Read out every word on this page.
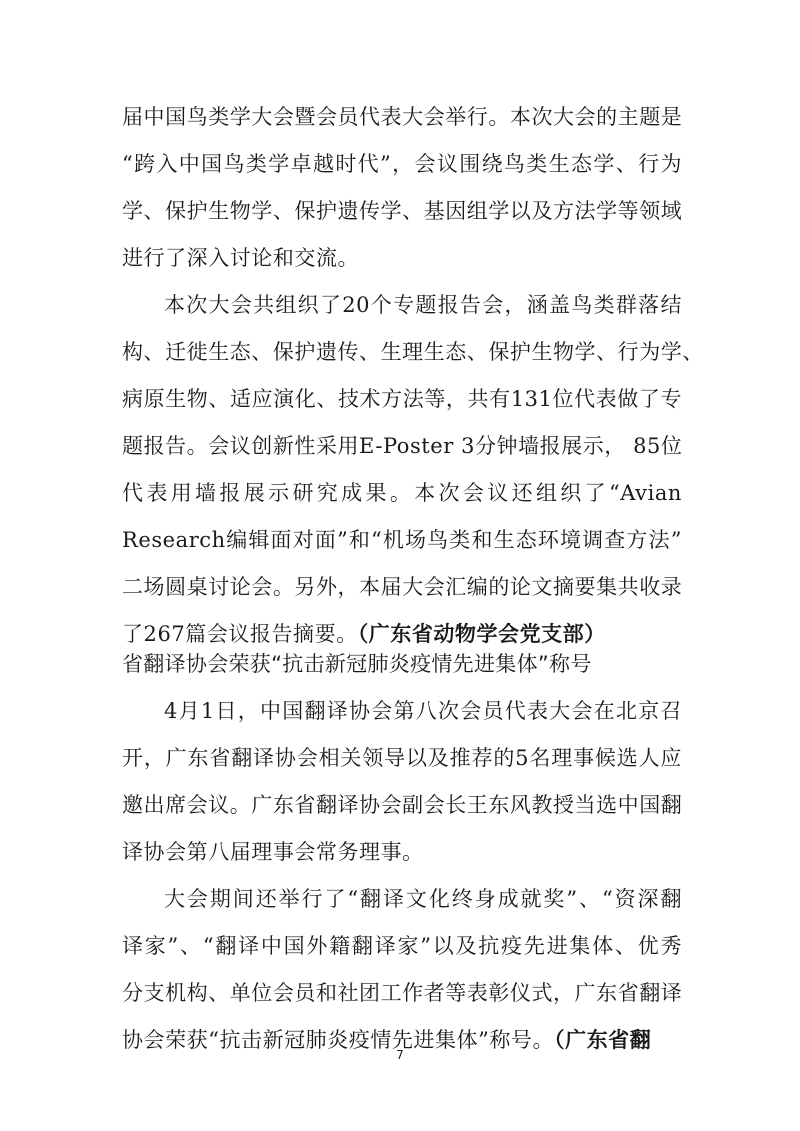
届中国鸟类学大会暨会员代表大会举行。本次大会的主题是
“跨入中国鸟类学卓越时代”，会议围绕鸟类生态学、行为
学、保护生物学、保护遗传学、基因组学以及方法学等领域
进行了深入讨论和交流。
本次大会共组织了20个专题报告会，涵盖鸟类群落结
构、迁徙生态、保护遗传、生理生态、保护生物学、行为学、
病原生物、适应演化、技术方法等，共有131位代表做了专
题报告。会议创新性采用E-Poster 3分钟墙报展示， 85位
代表用墙报展示研究成果。本次会议还组织了“Avian
Research编辑面对面”和“机场鸟类和生态环境调查方法”
二场圆桌讨论会。另外，本届大会汇编的论文摘要集共收录
了267篇会议报告摘要。（广东省动物学会党支部）
省翻译协会荣获“抗击新冠肺炎疫情先进集体”称号
4月1日，中国翻译协会第八次会员代表大会在北京召
开，广东省翻译协会相关领导以及推荐的5名理事候选人应
邀出席会议。广东省翻译协会副会长王东风教授当选中国翻
译协会第八届理事会常务理事。
大会期间还举行了“翻译文化终身成就奖”、“资深翻
译家”、“翻译中国外籍翻译家”以及抗疫先进集体、优秀
7
分支机构、单位会员和社团工作者等表彰仪式，广东省翻译
协会荣获“抗击新冠肺炎疫情先进集体”称号。（广东省翻
